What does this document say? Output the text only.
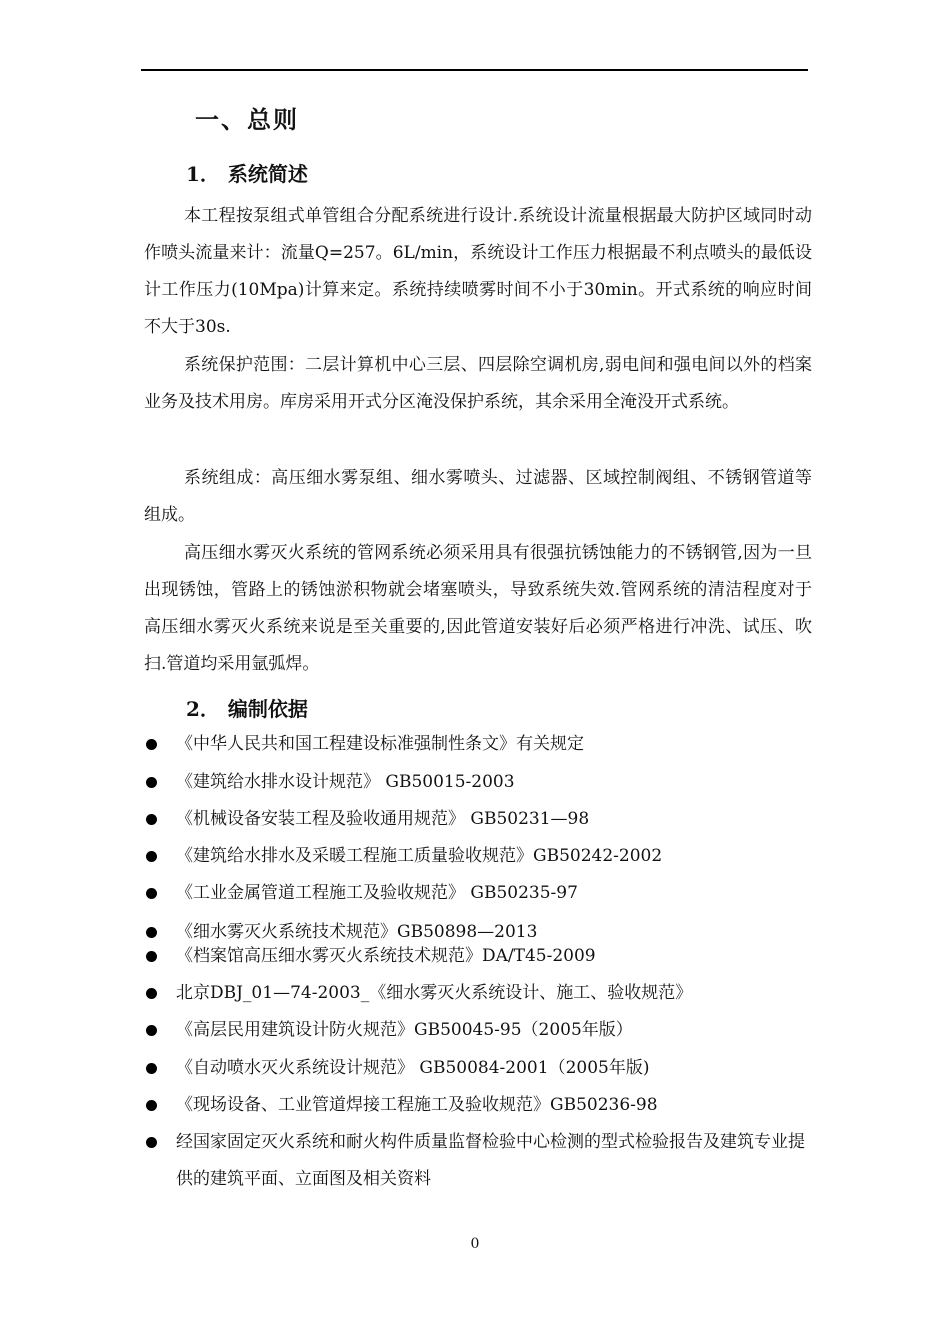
一、总则
1． 系统简述

本工程按泵组式单管组合分配系统进行设计.系统设计流量根据最大防护区域同时动作喷头流量来计：流量Q=257。6L/min，系统设计工作压力根据最不利点喷头的最低设计工作压力(10Mpa)计算来定。系统持续喷雾时间不小于30min。开式系统的响应时间不大于30s.

系统保护范围：二层计算机中心三层、四层除空调机房,弱电间和强电间以外的档案业务及技术用房。库房采用开式分区淹没保护系统，其余采用全淹没开式系统。

系统组成：高压细水雾泵组、细水雾喷头、过滤器、区域控制阀组、不锈钢管道等组成。

高压细水雾灭火系统的管网系统必须采用具有很强抗锈蚀能力的不锈钢管,因为一旦出现锈蚀，管路上的锈蚀淤积物就会堵塞喷头，导致系统失效.管网系统的清洁程度对于高压细水雾灭火系统来说是至关重要的,因此管道安装好后必须严格进行冲洗、试压、吹扫.管道均采用氩弧焊。

2． 编制依据
《中华人民共和国工程建设标准强制性条文》有关规定
《建筑给水排水设计规范》 GB50015-2003
《机械设备安装工程及验收通用规范》 GB50231—98
《建筑给水排水及采暖工程施工质量验收规范》GB50242-2002
《工业金属管道工程施工及验收规范》 GB50235-97
《细水雾灭火系统技术规范》GB50898—2013
《档案馆高压细水雾灭火系统技术规范》DA/T45-2009
北京DBJ_01—74-2003_《细水雾灭火系统设计、施工、验收规范》
《高层民用建筑设计防火规范》GB50045-95（2005年版）
《自动喷水灭火系统设计规范》 GB50084-2001（2005年版)
《现场设备、工业管道焊接工程施工及验收规范》GB50236-98
经国家固定灭火系统和耐火构件质量监督检验中心检测的型式检验报告及建筑专业提供的建筑平面、立面图及相关资料

0
